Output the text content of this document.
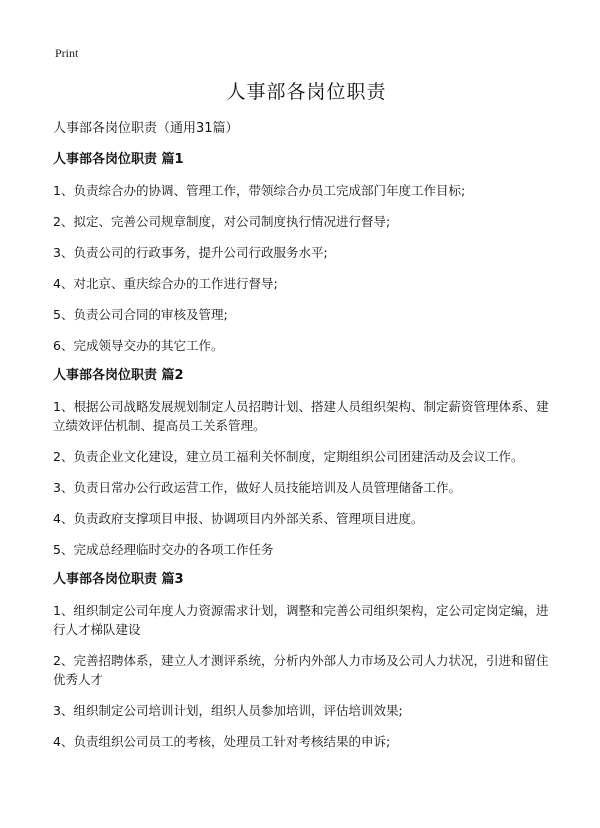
Print
人事部各岗位职责
人事部各岗位职责（通用31篇）
人事部各岗位职责 篇1
1、负责综合办的协调、管理工作，带领综合办员工完成部门年度工作目标;
2、拟定、完善公司规章制度，对公司制度执行情况进行督导;
3、负责公司的行政事务，提升公司行政服务水平;
4、对北京、重庆综合办的工作进行督导;
5、负责公司合同的审核及管理;
6、完成领导交办的其它工作。
人事部各岗位职责 篇2
1、根据公司战略发展规划制定人员招聘计划、搭建人员组织架构、制定薪资管理体系、建立绩效评估机制、提高员工关系管理。
2、负责企业文化建设，建立员工福利关怀制度，定期组织公司团建活动及会议工作。
3、负责日常办公行政运营工作，做好人员技能培训及人员管理储备工作。
4、负责政府支撑项目申报、协调项目内外部关系、管理项目进度。
5、完成总经理临时交办的各项工作任务
人事部各岗位职责 篇3
1、组织制定公司年度人力资源需求计划，调整和完善公司组织架构，定公司定岗定编，进行人才梯队建设
2、完善招聘体系，建立人才测评系统，分析内外部人力市场及公司人力状况，引进和留住优秀人才
3、组织制定公司培训计划，组织人员参加培训，评估培训效果;
4、负责组织公司员工的考核，处理员工针对考核结果的申诉;
